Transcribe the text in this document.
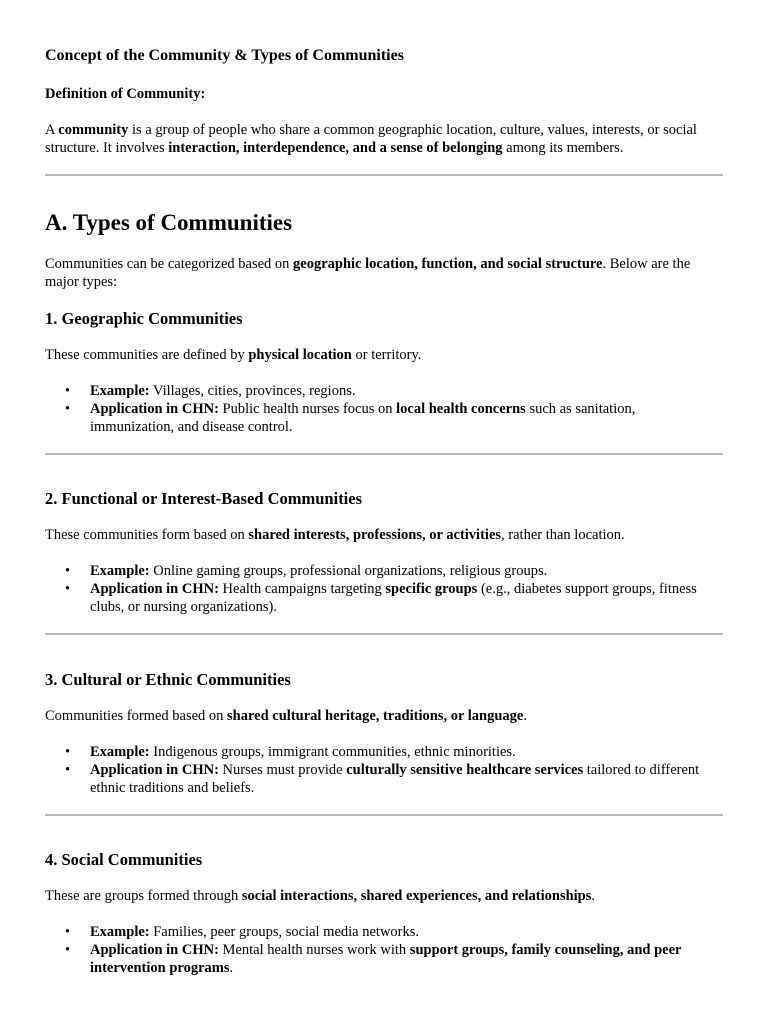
Concept of the Community & Types of Communities
Definition of Community:

A community is a group of people who share a common geographic location, culture, values, interests, or social structure. It involves interaction, interdependence, and a sense of belonging among its members.

A. Types of Communities

Communities can be categorized based on geographic location, function, and social structure. Below are the major types:

1. Geographic Communities

These communities are defined by physical location or territory.

• Example: Villages, cities, provinces, regions.
• Application in CHN: Public health nurses focus on local health concerns such as sanitation, immunization, and disease control.
2. Functional or Interest-Based Communities

These communities form based on shared interests, professions, or activities, rather than location.

• Example: Online gaming groups, professional organizations, religious groups.
• Application in CHN: Health campaigns targeting specific groups (e.g., diabetes support groups, fitness clubs, or nursing organizations).
3. Cultural or Ethnic Communities

Communities formed based on shared cultural heritage, traditions, or language.

• Example: Indigenous groups, immigrant communities, ethnic minorities.
• Application in CHN: Nurses must provide culturally sensitive healthcare services tailored to different ethnic traditions and beliefs.
4. Social Communities

These are groups formed through social interactions, shared experiences, and relationships.

• Example: Families, peer groups, social media networks.
• Application in CHN: Mental health nurses work with support groups, family counseling, and peer intervention programs.
